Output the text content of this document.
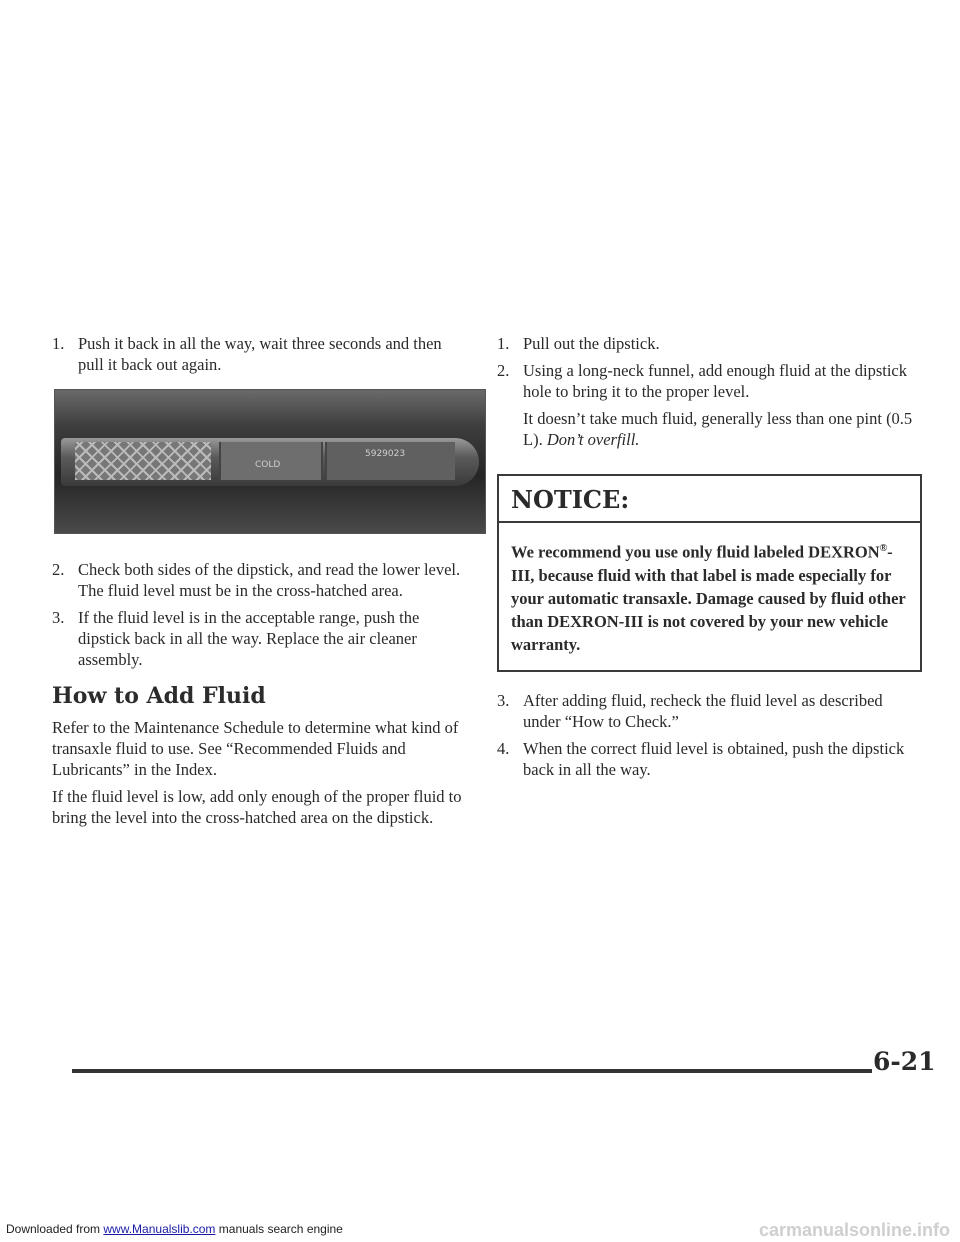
1. Push it back in all the way, wait three seconds and then pull it back out again.
COLD
5929023
2. Check both sides of the dipstick, and read the lower level. The fluid level must be in the cross-hatched area.
3. If the fluid level is in the acceptable range, push the dipstick back in all the way. Replace the air cleaner assembly.
How to Add Fluid

Refer to the Maintenance Schedule to determine what kind of transaxle fluid to use. See “Recommended Fluids and Lubricants” in the Index.

If the fluid level is low, add only enough of the proper fluid to bring the level into the cross-hatched area on the dipstick.

1. Pull out the dipstick.
2. Using a long-neck funnel, add enough fluid at the dipstick hole to bring it to the proper level.
It doesn’t take much fluid, generally less than one pint (0.5 L). Don’t overfill.
NOTICE:
We recommend you use only fluid labeled DEXRON®-III, because fluid with that label is made especially for your automatic transaxle. Damage caused by fluid other than DEXRON-III is not covered by your new vehicle warranty.
3. After adding fluid, recheck the fluid level as described under “How to Check.”
4. When the correct fluid level is obtained, push the dipstick back in all the way.
6-21
Downloaded from www.Manualslib.com manuals search engine	carmanualsonline.info
